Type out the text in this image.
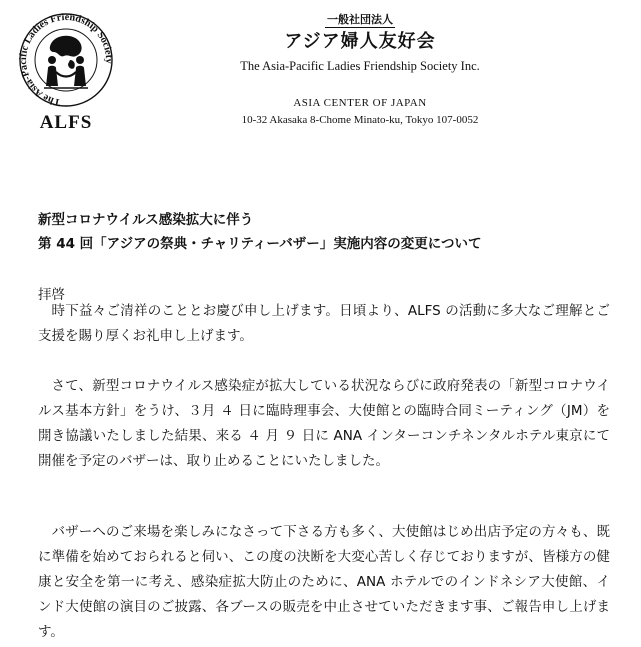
The Asia-Pacific Ladies Friendship Society
ALFS
一般社団法人
アジア婦人友好会
The Asia-Pacific Ladies Friendship Society Inc.
ASIA CENTER OF JAPAN
10-32 Akasaka 8-Chome Minato-ku, Tokyo 107-0052
新型コロナウイルス感染拡大に伴う
第 44 回「アジアの祭典・チャリティーバザー」実施内容の変更について

拝啓

時下益々ご清祥のこととお慶び申し上げます。日頃より、ALFS の活動に多大なご理解とご支援を賜り厚くお礼申し上げます。

さて、新型コロナウイルス感染症が拡大している状況ならびに政府発表の「新型コロナウイルス基本方針」をうけ、３月 ４ 日に臨時理事会、大使館との臨時合同ミーティング（JM）を開き協議いたしました結果、来る ４ 月 ９ 日に ANA インターコンチネンタルホテル東京にて開催を予定のバザーは、取り止めることにいたしました。

バザーへのご来場を楽しみになさって下さる方も多く、大使館はじめ出店予定の方々も、既に準備を始めておられると伺い、この度の決断を大変心苦しく存じておりますが、皆様方の健康と安全を第一に考え、感染症拡大防止のために、ANA ホテルでのインドネシア大使館、インド大使館の演目のご披露、各ブースの販売を中止させていただきます事、ご報告申し上げます。
